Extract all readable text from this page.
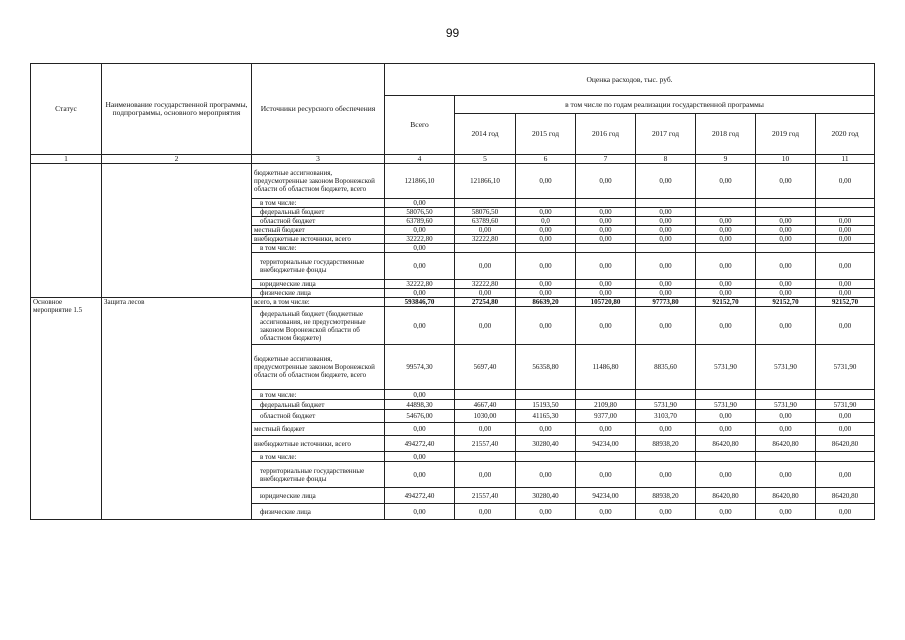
99
Статус	Наименование государственной программы, подпрограммы, основного мероприятия	Источники ресурсного обеспечения	Оценка расходов, тыс. руб.							
			Всего	в том числе по годам реализации государственной программы						
				2014 год	2015 год	2016 год	2017 год	2018 год	2019 год	2020 год
1	2	3	4	5	6	7	8	9	10	11
		бюджетные ассигнования, предусмотренные законом Воронежской области об областном бюджете, всего	121866,10	121866,10	0,00	0,00	0,00	0,00	0,00	0,00
		в том числе:	0,00							
		федеральный бюджет	58076,50	58076,50	0,00	0,00	0,00			
		областной бюджет	63789,60	63789,60	0,0	0,00	0,00	0,00	0,00	0,00
		местный бюджет	0,00	0,00	0,00	0,00	0,00	0,00	0,00	0,00
		внебюджетные источники, всего	32222,80	32222,80	0,00	0,00	0,00	0,00	0,00	0,00
		в том числе:	0,00							
		территориальные государственные внебюджетные фонды	0,00	0,00	0,00	0,00	0,00	0,00	0,00	0,00
		юридические лица	32222,80	32222,80	0,00	0,00	0,00	0,00	0,00	0,00
		физические лица	0,00	0,00	0,00	0,00	0,00	0,00	0,00	0,00
Основное мероприятие 1.5	Защита лесов	всего, в том числе:	593846,70	27254,80	86639,20	105720,80	97773,80	92152,70	92152,70	92152,70
		федеральный бюджет (бюджетные ассигнования, не предусмотренные законом Воронежской области об областном бюджете)	0,00	0,00	0,00	0,00	0,00	0,00	0,00	0,00
		бюджетные ассигнования, предусмотренные законом Воронежской области об областном бюджете, всего	99574,30	5697,40	56358,80	11486,80	8835,60	5731,90	5731,90	5731,90
		в том числе:	0,00							
		федеральный бюджет	44898,30	4667,40	15193,50	2109,80	5731,90	5731,90	5731,90	5731,90
		областной бюджет	54676,00	1030,00	41165,30	9377,00	3103,70	0,00	0,00	0,00
		местный бюджет	0,00	0,00	0,00	0,00	0,00	0,00	0,00	0,00
		внебюджетные источники, всего	494272,40	21557,40	30280,40	94234,00	88938,20	86420,80	86420,80	86420,80
		в том числе:	0,00							
		территориальные государственные внебюджетные фонды	0,00	0,00	0,00	0,00	0,00	0,00	0,00	0,00
		юридические лица	494272,40	21557,40	30280,40	94234,00	88938,20	86420,80	86420,80	86420,80
		физические лица	0,00	0,00	0,00	0,00	0,00	0,00	0,00	0,00
